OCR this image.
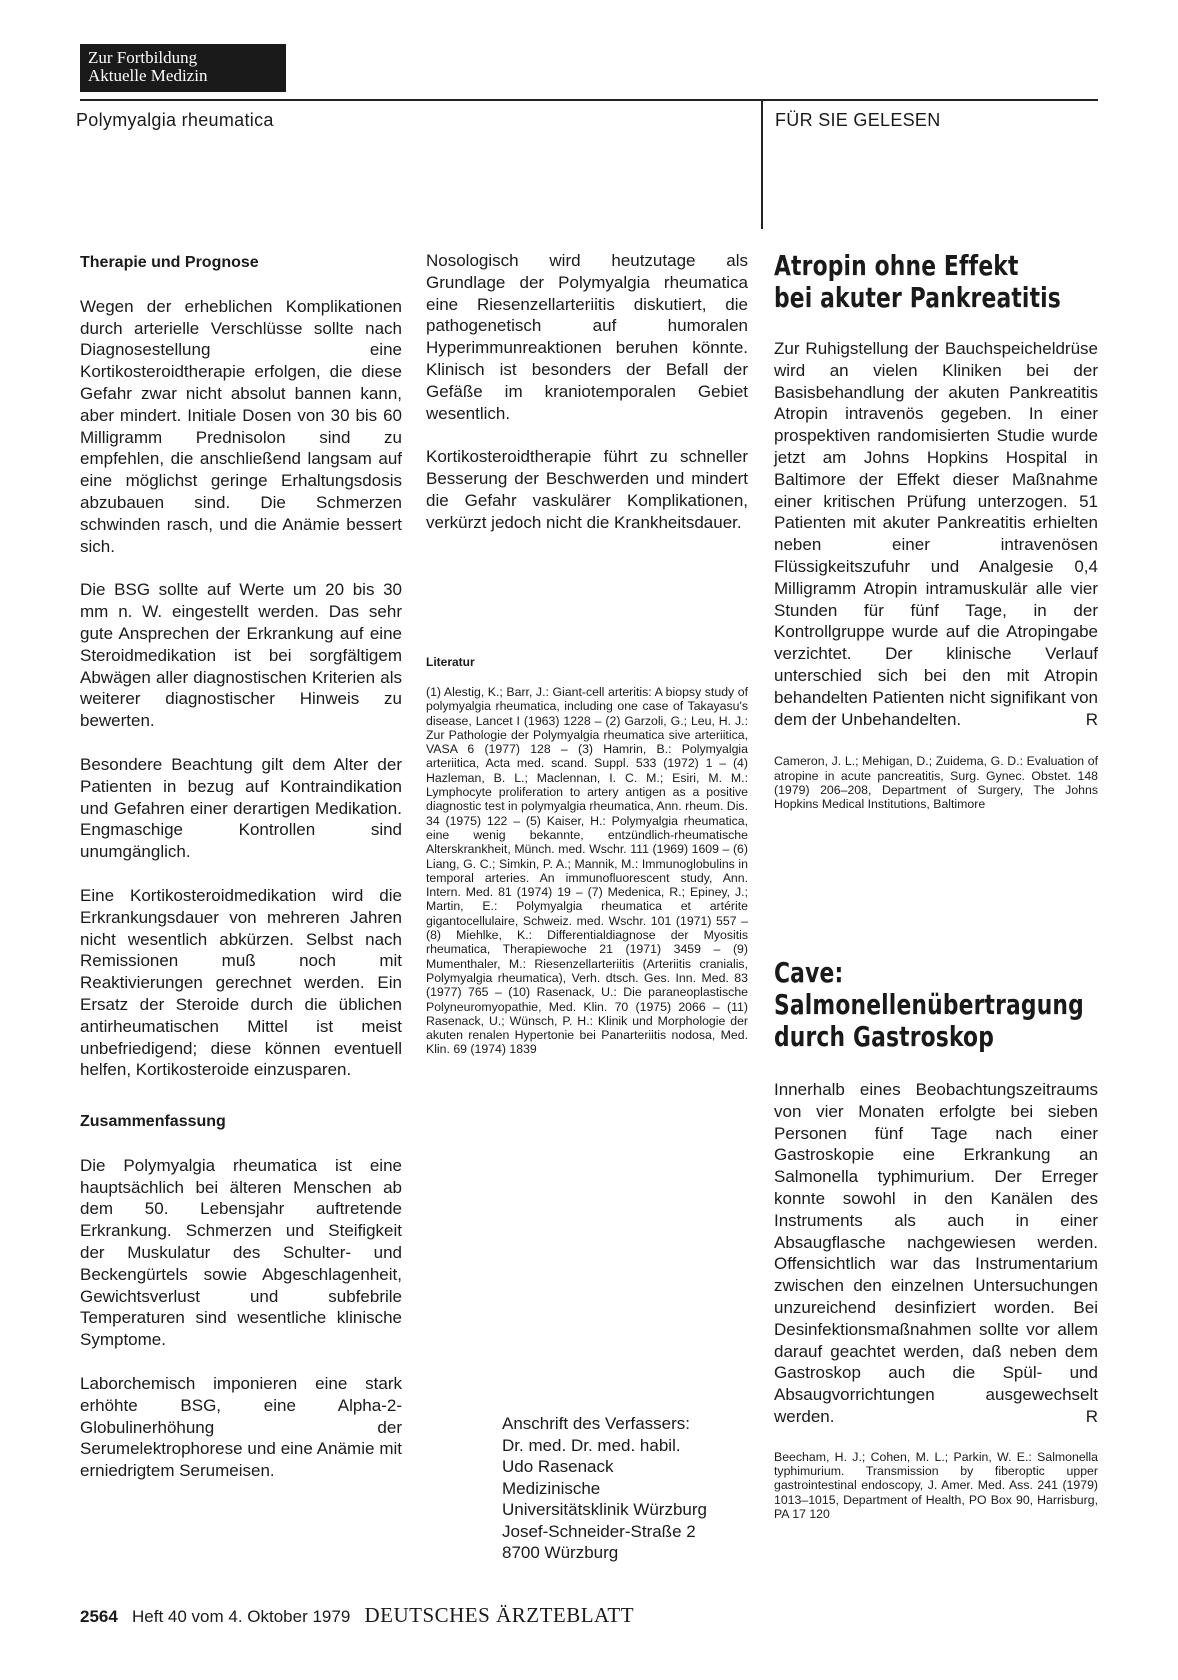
Zur Fortbildung
Aktuelle Medizin
Polymyalgia rheumatica	FÜR SIE GELESEN
Therapie und Prognose

Wegen der erheblichen Komplikationen durch arterielle Verschlüsse sollte nach Diagnosestellung eine Kortikosteroidtherapie erfolgen, die diese Gefahr zwar nicht absolut bannen kann, aber mindert. Initiale Dosen von 30 bis 60 Milligramm Prednisolon sind zu empfehlen, die anschließend langsam auf eine möglichst geringe Erhaltungsdosis abzubauen sind. Die Schmerzen schwinden rasch, und die Anämie bessert sich.

Die BSG sollte auf Werte um 20 bis 30 mm n. W. eingestellt werden. Das sehr gute Ansprechen der Erkrankung auf eine Steroidmedikation ist bei sorgfältigem Abwägen aller diagnostischen Kriterien als weiterer diagnostischer Hinweis zu bewerten.

Besondere Beachtung gilt dem Alter der Patienten in bezug auf Kontraindikation und Gefahren einer derartigen Medikation. Engmaschige Kontrollen sind unumgänglich.

Eine Kortikosteroidmedikation wird die Erkrankungsdauer von mehreren Jahren nicht wesentlich abkürzen. Selbst nach Remissionen muß noch mit Reaktivierungen gerechnet werden. Ein Ersatz der Steroide durch die üblichen antirheumatischen Mittel ist meist unbefriedigend; diese können eventuell helfen, Kortikosteroide einzusparen.

Zusammenfassung

Die Polymyalgia rheumatica ist eine hauptsächlich bei älteren Menschen ab dem 50. Lebensjahr auftretende Erkrankung. Schmerzen und Steifigkeit der Muskulatur des Schulter- und Beckengürtels sowie Abgeschlagenheit, Gewichtsverlust und subfebrile Temperaturen sind wesentliche klinische Symptome.

Laborchemisch imponieren eine stark erhöhte BSG, eine Alpha-2-Globulinerhöhung der Serumelektrophorese und eine Anämie mit erniedrigtem Serumeisen.

Nosologisch wird heutzutage als Grundlage der Polymyalgia rheumatica eine Riesenzellarteriitis diskutiert, die pathogenetisch auf humoralen Hyperimmunreaktionen beruhen könnte. Klinisch ist besonders der Befall der Gefäße im kraniotemporalen Gebiet wesentlich.

Kortikosteroidtherapie führt zu schneller Besserung der Beschwerden und mindert die Gefahr vaskulärer Komplikationen, verkürzt jedoch nicht die Krankheitsdauer.

Literatur
(1) Alestig, K.; Barr, J.: Giant-cell arteritis: A biopsy study of polymyalgia rheumatica, including one case of Takayasu's disease, Lancet I (1963) 1228 – (2) Garzoli, G.; Leu, H. J.: Zur Pathologie der Polymyalgia rheumatica sive arteriitica, VASA 6 (1977) 128 – (3) Hamrin, B.: Polymyalgia arteriitica, Acta med. scand. Suppl. 533 (1972) 1 – (4) Hazleman, B. L.; Maclennan, I. C. M.; Esiri, M. M.: Lymphocyte proliferation to artery antigen as a positive diagnostic test in polymyalgia rheumatica, Ann. rheum. Dis. 34 (1975) 122 – (5) Kaiser, H.: Polymyalgia rheumatica, eine wenig bekannte, entzündlich-rheumatische Alterskrankheit, Münch. med. Wschr. 111 (1969) 1609 – (6) Liang, G. C.; Simkin, P. A.; Mannik, M.: Immunoglobulins in temporal arteries. An immunofluorescent study, Ann. Intern. Med. 81 (1974) 19 – (7) Medenica, R.; Epiney, J.; Martin, E.: Polymyalgia rheumatica et artérite gigantocellulaire, Schweiz. med. Wschr. 101 (1971) 557 – (8) Miehlke, K.: Differentialdiagnose der Myositis rheumatica, Therapiewoche 21 (1971) 3459 – (9) Mumenthaler, M.: Riesenzellarteriitis (Arteriitis cranialis, Polymyalgia rheumatica), Verh. dtsch. Ges. Inn. Med. 83 (1977) 765 – (10) Rasenack, U.: Die paraneoplastische Polyneuromyopathie, Med. Klin. 70 (1975) 2066 – (11) Rasenack, U.; Wünsch, P. H.: Klinik und Morphologie der akuten renalen Hypertonie bei Panarteriitis nodosa, Med. Klin. 69 (1974) 1839
Anschrift des Verfassers:
Dr. med. Dr. med. habil.
Udo Rasenack
Medizinische
Universitätsklinik Würzburg
Josef-Schneider-Straße 2
8700 Würzburg
Atropin ohne Effekt
bei akuter Pankreatitis
Zur Ruhigstellung der Bauchspeicheldrüse wird an vielen Kliniken bei der Basisbehandlung der akuten Pankreatitis Atropin intravenös gegeben. In einer prospektiven randomisierten Studie wurde jetzt am Johns Hopkins Hospital in Baltimore der Effekt dieser Maßnahme einer kritischen Prüfung unterzogen. 51 Patienten mit akuter Pankreatitis erhielten neben einer intravenösen Flüssigkeitszufuhr und Analgesie 0,4 Milligramm Atropin intramuskulär alle vier Stunden für fünf Tage, in der Kontrollgruppe wurde auf die Atropingabe verzichtet. Der klinische Verlauf unterschied sich bei den mit Atropin behandelten Patienten nicht signifikant von dem der Unbehandelten.	R
Cameron, J. L.; Mehigan, D.; Zuidema, G. D.: Evaluation of atropine in acute pancreatitis, Surg. Gynec. Obstet. 148 (1979) 206–208, Department of Surgery, The Johns Hopkins Medical Institutions, Baltimore
Cave:
Salmonellenübertragung
durch Gastroskop
Innerhalb eines Beobachtungszeitraums von vier Monaten erfolgte bei sieben Personen fünf Tage nach einer Gastroskopie eine Erkrankung an Salmonella typhimurium. Der Erreger konnte sowohl in den Kanälen des Instruments als auch in einer Absaugflasche nachgewiesen werden. Offensichtlich war das Instrumentarium zwischen den einzelnen Untersuchungen unzureichend desinfiziert worden. Bei Desinfektionsmaßnahmen sollte vor allem darauf geachtet werden, daß neben dem Gastroskop auch die Spül- und Absaugvorrichtungen ausgewechselt werden.	R
Beecham, H. J.; Cohen, M. L.; Parkin, W. E.: Salmonella typhimurium. Transmission by fiberoptic upper gastrointestinal endoscopy, J. Amer. Med. Ass. 241 (1979) 1013–1015, Department of Health, PO Box 90, Harrisburg, PA 17 120
2564 Heft 40 vom 4. Oktober 1979 DEUTSCHES ÄRZTEBLATT
